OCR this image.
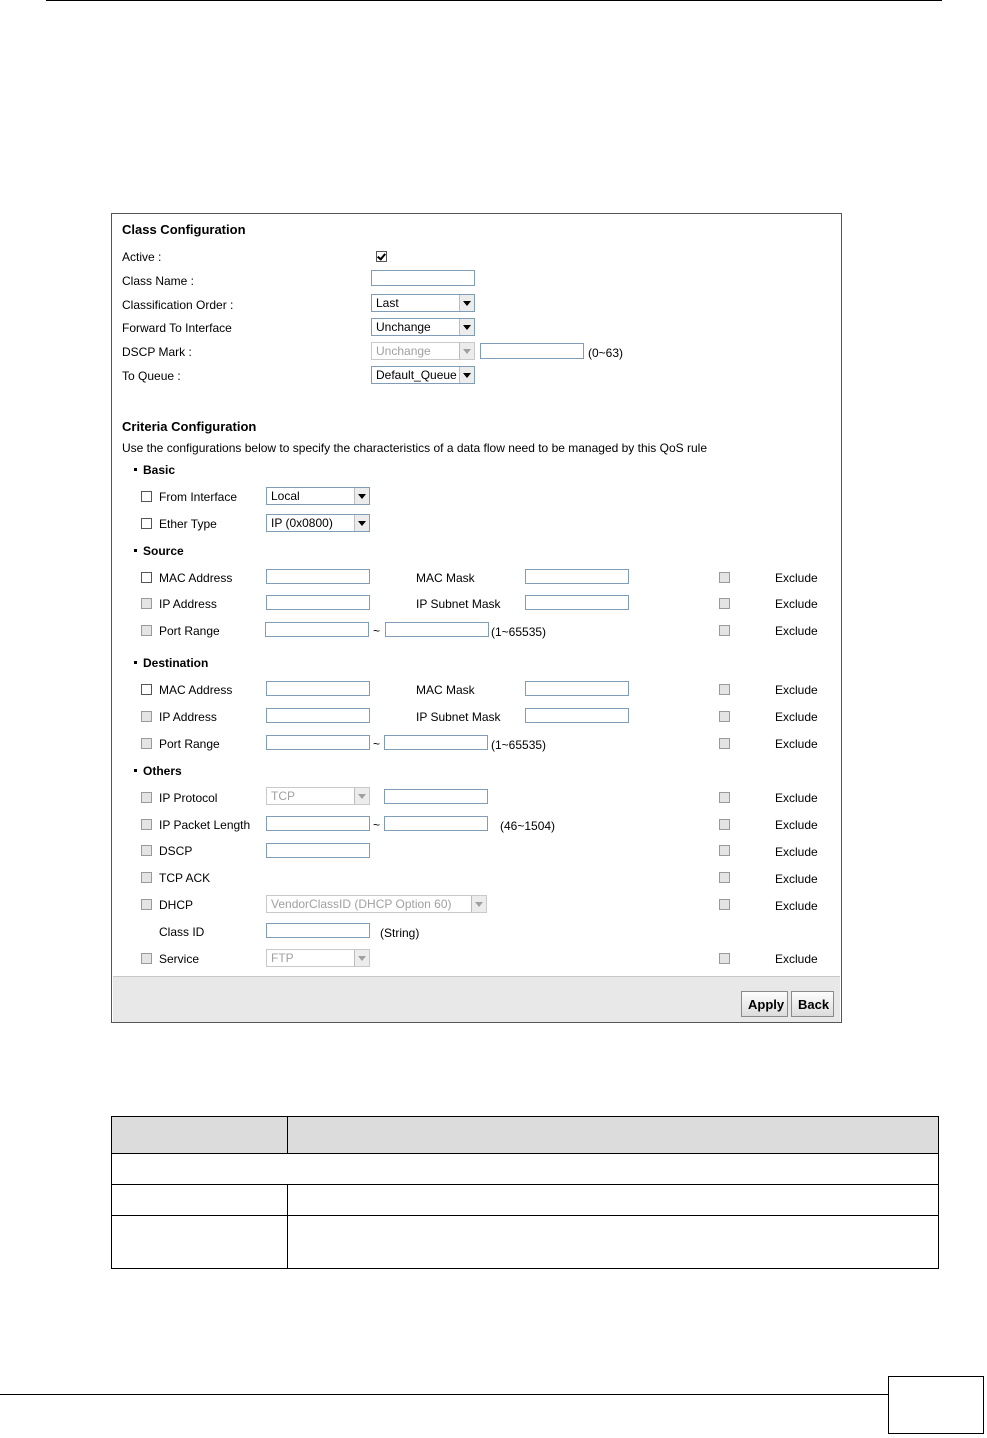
Class Configuration
Active :
Class Name :
Classification Order :	Last
Forward To Interface	Unchange
DSCP Mark :	Unchange	(0~63)
To Queue :	Default_Queue
Criteria Configuration
Use the configurations below to specify the characteristics of a data flow need to be managed by this QoS rule
Basic
From Interface	Local
Ether Type	IP (0x0800)
Source
MAC Address	MAC Mask	Exclude
IP Address	IP Subnet Mask	Exclude
Port Range	~	(1~65535)	Exclude
Destination
MAC Address	MAC Mask	Exclude
IP Address	IP Subnet Mask	Exclude
Port Range	~	(1~65535)	Exclude
Others
IP Protocol	TCP	Exclude
IP Packet Length	~	(46~1504)	Exclude
DSCP	Exclude
TCP ACK	Exclude
DHCP	VendorClassID (DHCP Option 60)	Exclude
Class ID	(String)
Service	FTP	Exclude
Apply	Back
